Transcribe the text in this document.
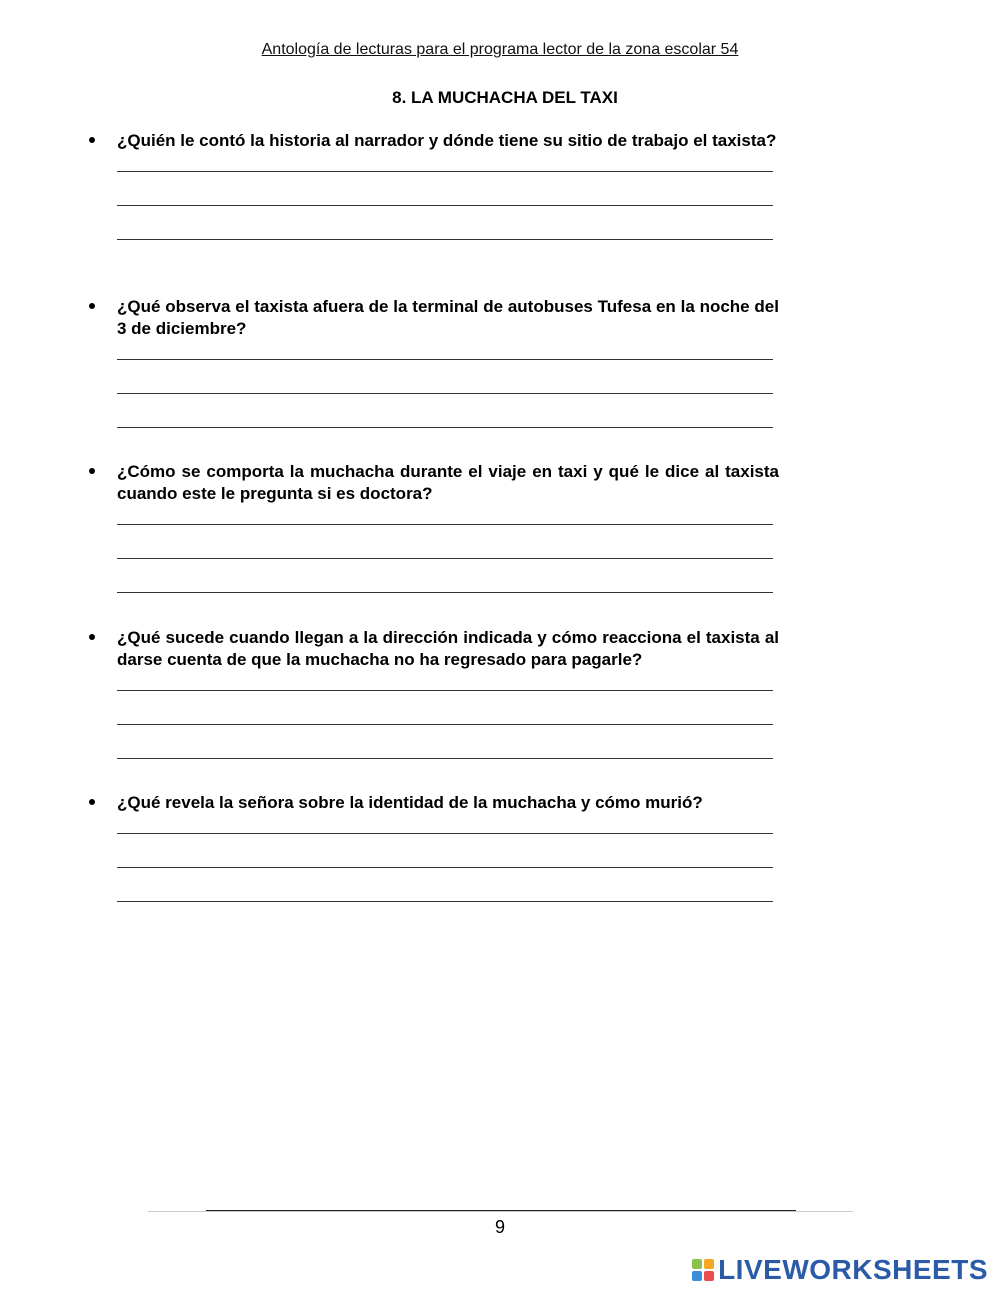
Antología de lecturas para el programa lector de la zona escolar 54
8. LA MUCHACHA DEL TAXI
¿Quién le contó la historia al narrador y dónde tiene su sitio de trabajo el taxista?
¿Qué observa el taxista afuera de la terminal de autobuses Tufesa en la noche del 3 de diciembre?
¿Cómo se comporta la muchacha durante el viaje en taxi y qué le dice al taxista cuando este le pregunta si es doctora?
¿Qué sucede cuando llegan a la dirección indicada y cómo reacciona el taxista al darse cuenta de que la muchacha no ha regresado para pagarle?
¿Qué revela la señora sobre la identidad de la muchacha y cómo murió?
9
LIVEWORKSHEETS
